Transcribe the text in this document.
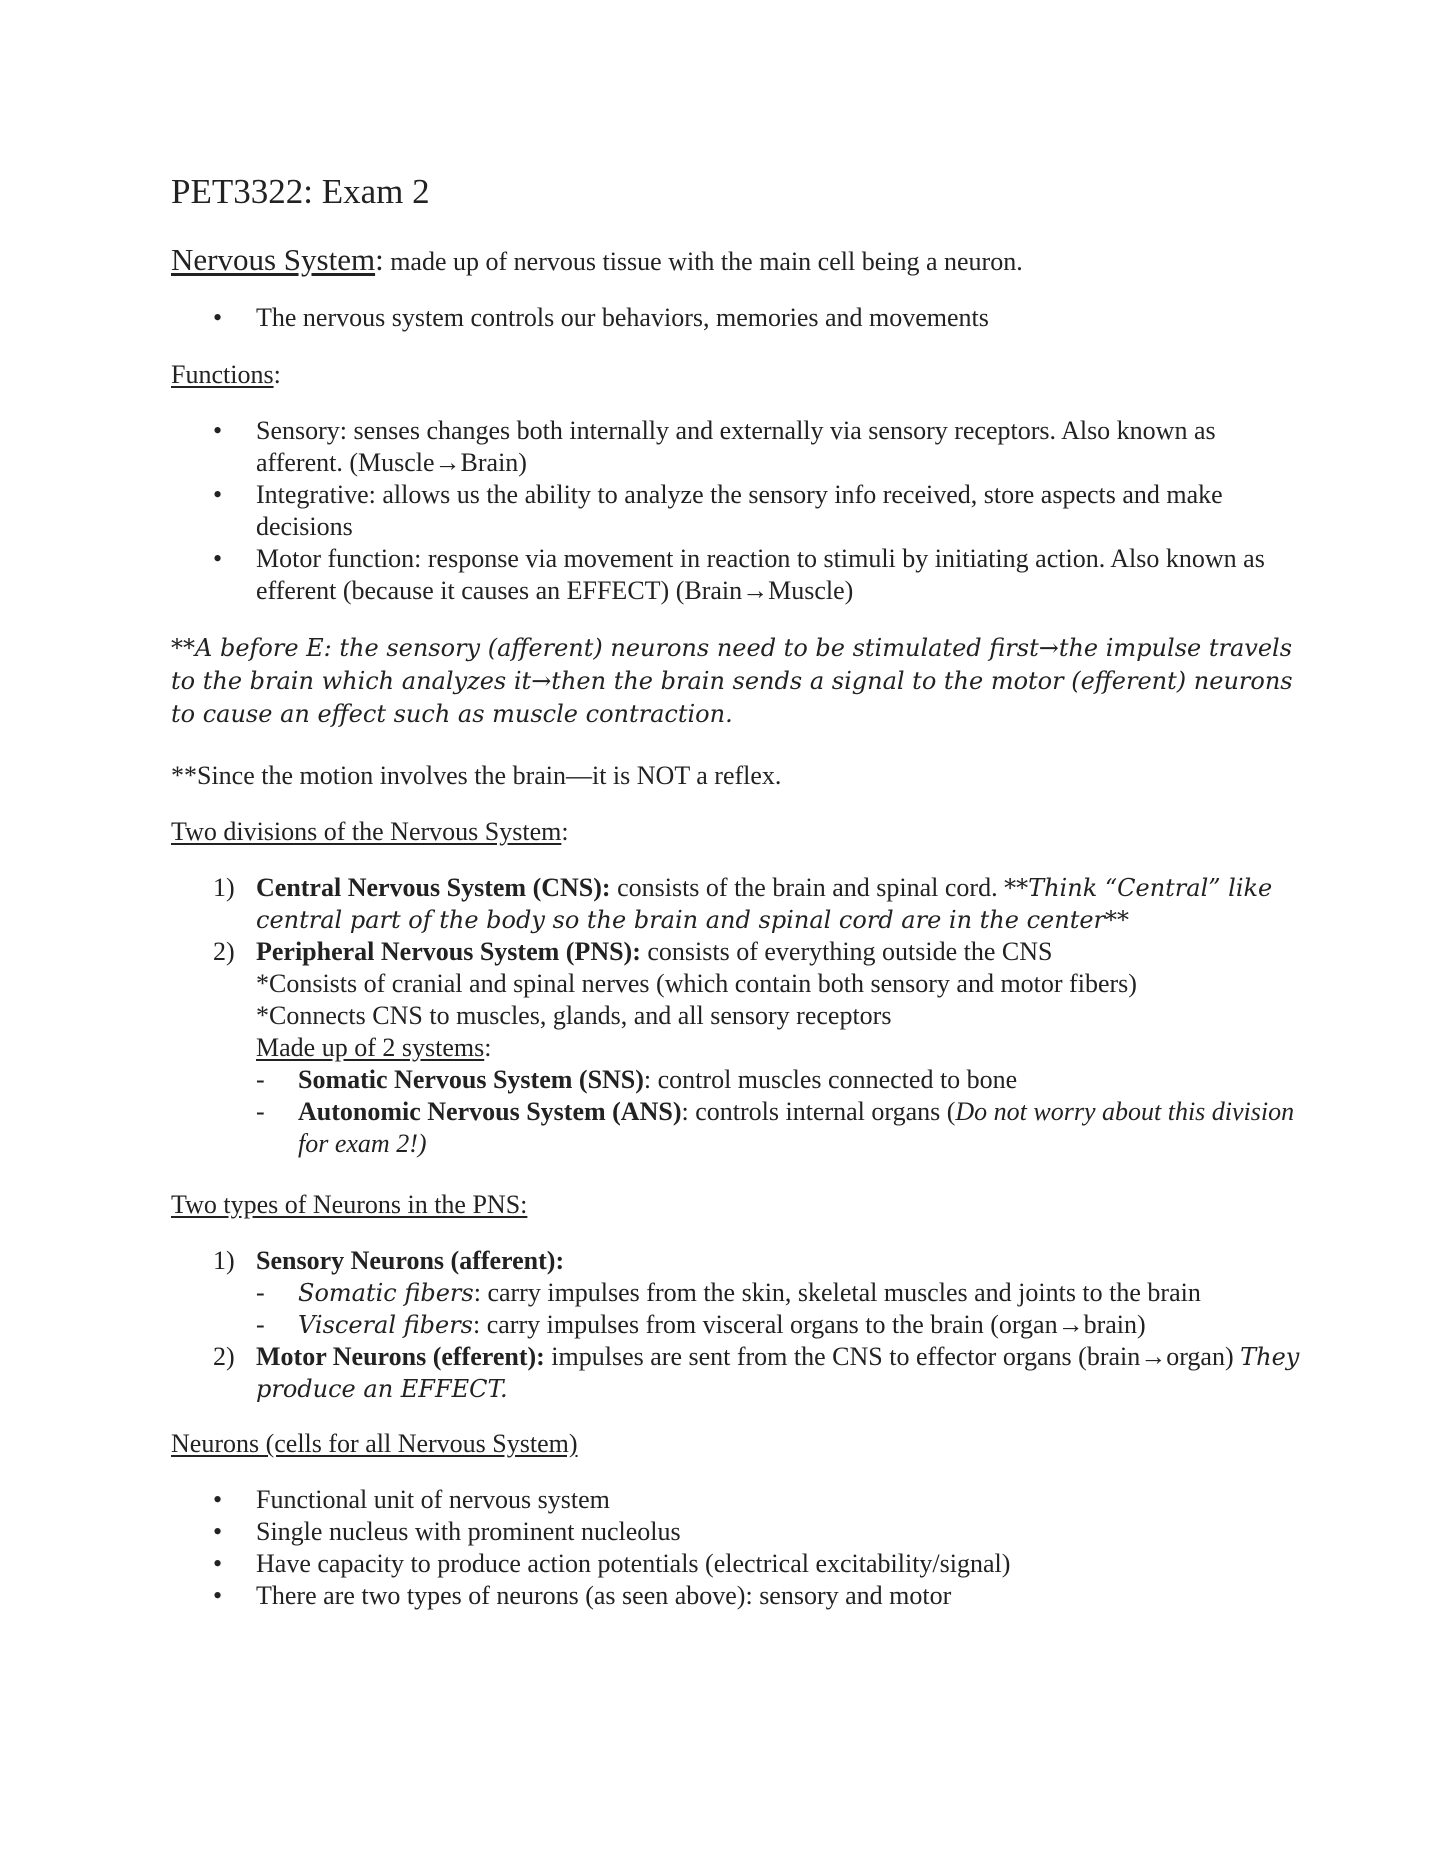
PET3322: Exam 2
Nervous System: made up of nervous tissue with the main cell being a neuron.
• The nervous system controls our behaviors, memories and movements
Functions:
• Sensory: senses changes both internally and externally via sensory receptors. Also known as afferent. (Muscle→Brain)
• Integrative: allows us the ability to analyze the sensory info received, store aspects and make decisions
• Motor function: response via movement in reaction to stimuli by initiating action. Also known as efferent (because it causes an EFFECT) (Brain→Muscle)
**A before E: the sensory (afferent) neurons need to be stimulated first→the impulse travels to the brain which analyzes it→then the brain sends a signal to the motor (efferent) neurons to cause an effect such as muscle contraction.
**Since the motion involves the brain—it is NOT a reflex.
Two divisions of the Nervous System:
1) Central Nervous System (CNS): consists of the brain and spinal cord. **Think “Central” like central part of the body so the brain and spinal cord are in the center**
2) Peripheral Nervous System (PNS): consists of everything outside the CNS
*Consists of cranial and spinal nerves (which contain both sensory and motor fibers)
*Connects CNS to muscles, glands, and all sensory receptors
Made up of 2 systems:
- Somatic Nervous System (SNS): control muscles connected to bone
- Autonomic Nervous System (ANS): controls internal organs (Do not worry about this division for exam 2!)
Two types of Neurons in the PNS:
1) Sensory Neurons (afferent):
- Somatic fibers: carry impulses from the skin, skeletal muscles and joints to the brain
- Visceral fibers: carry impulses from visceral organs to the brain (organ→brain)
2) Motor Neurons (efferent): impulses are sent from the CNS to effector organs (brain→organ) They produce an EFFECT.
Neurons (cells for all Nervous System)
• Functional unit of nervous system
• Single nucleus with prominent nucleolus
• Have capacity to produce action potentials (electrical excitability/signal)
• There are two types of neurons (as seen above): sensory and motor
